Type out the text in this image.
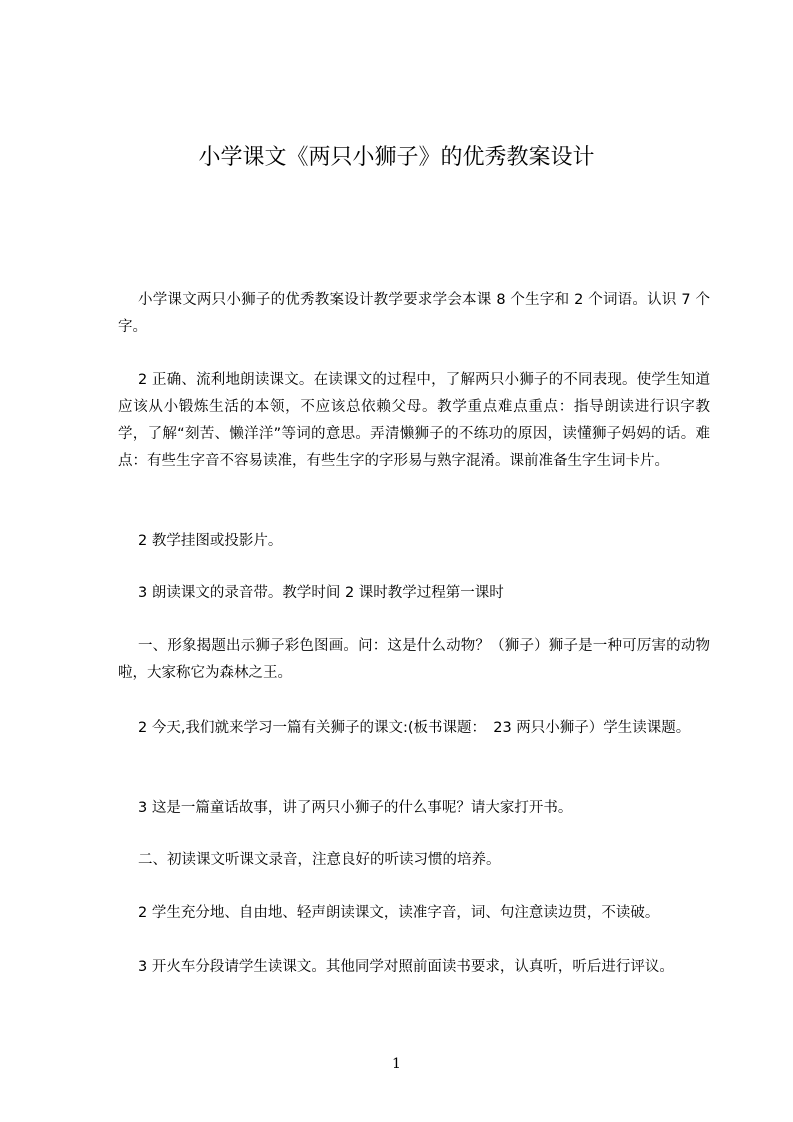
小学课文《两只小狮子》的优秀教案设计

小学课文两只小狮子的优秀教案设计教学要求学会本课 8 个生字和 2 个词语。认识 7 个字。

2 正确、流利地朗读课文。在读课文的过程中，了解两只小狮子的不同表现。使学生知道应该从小锻炼生活的本领，不应该总依赖父母。教学重点难点重点：指导朗读进行识字教学，了解“刻苦、懒洋洋”等词的意思。弄清懒狮子的不练功的原因，读懂狮子妈妈的话。难点：有些生字音不容易读准，有些生字的字形易与熟字混淆。课前准备生字生词卡片。

2 教学挂图或投影片。

3 朗读课文的录音带。教学时间 2 课时教学过程第一课时

一、形象揭题出示狮子彩色图画。问：这是什么动物？（狮子）狮子是一种可厉害的动物啦，大家称它为森林之王。

2 今天,我们就来学习一篇有关狮子的课文:(板书课题：　23 两只小狮子）学生读课题。

3 这是一篇童话故事，讲了两只小狮子的什么事呢？请大家打开书。

二、初读课文听课文录音，注意良好的听读习惯的培养。

2 学生充分地、自由地、轻声朗读课文，读准字音，词、句注意读边贯，不读破。

3 开火车分段请学生读课文。其他同学对照前面读书要求，认真听，听后进行评议。

1
